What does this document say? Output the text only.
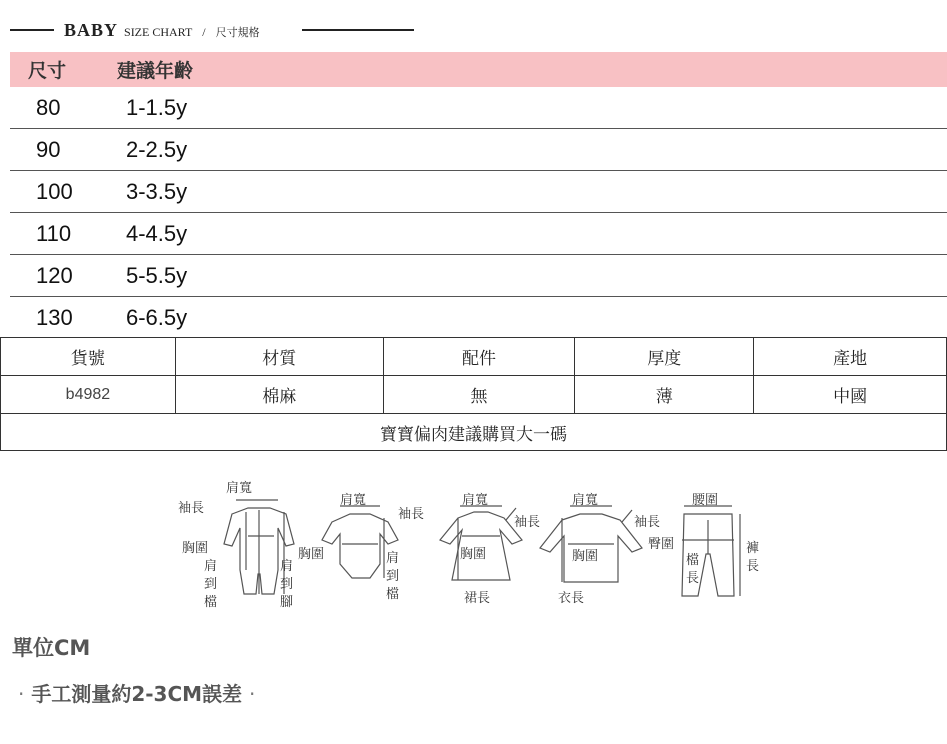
BABY SIZE CHART / 尺寸規格
尺寸	建議年齡
80	1-1.5y
90	2-2.5y
100	3-3.5y
110	4-4.5y
120	5-5.5y
130	6-6.5y
貨號	材質	配件	厚度	產地
b4982	棉麻	無	薄	中國
寶寶偏肉建議購買大一碼				
肩寬
袖長
胸圍
肩
到
檔
肩
到
腳
肩寬
袖長
胸圍	肩
到
檔
肩寬
袖長
胸圍
裙長
肩寬
袖長
胸圍
衣長
腰圍
臀圍
檔
長
褲
長
單位CM
· 手工測量約2-3CM誤差 ·
